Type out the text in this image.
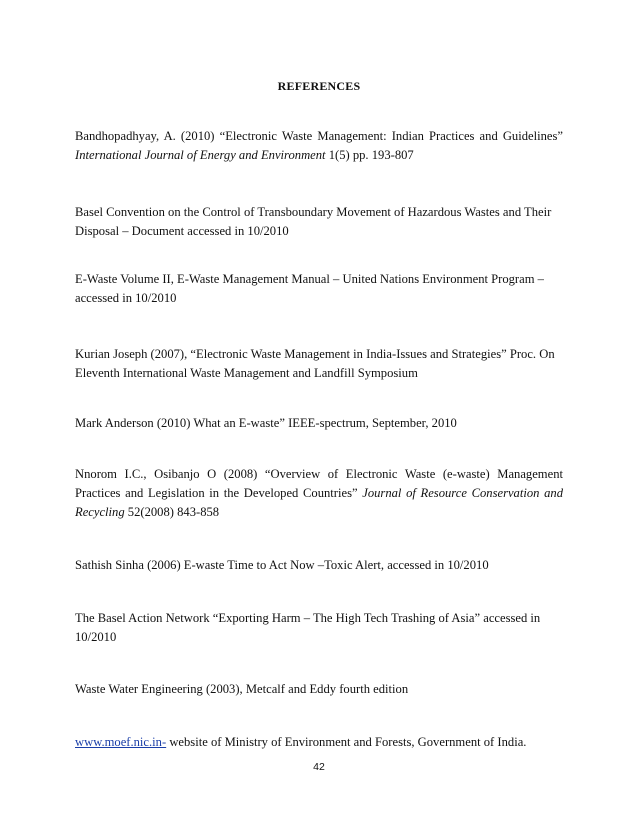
REFERENCES
Bandhopadhyay, A. (2010) “Electronic Waste Management: Indian Practices and Guidelines” International Journal of Energy and Environment 1(5) pp. 193-807
Basel Convention on the Control of Transboundary Movement of Hazardous Wastes and Their Disposal – Document accessed in 10/2010
E-Waste Volume II, E-Waste Management Manual – United Nations Environment Program – accessed in 10/2010
Kurian Joseph (2007), “Electronic Waste Management in India-Issues and Strategies” Proc. On Eleventh International Waste Management and Landfill Symposium
Mark Anderson (2010) What an E-waste” IEEE-spectrum, September, 2010
Nnorom I.C., Osibanjo O (2008) “Overview of Electronic Waste (e-waste) Management Practices and Legislation in the Developed Countries” Journal of Resource Conservation and Recycling 52(2008) 843-858
Sathish Sinha (2006) E-waste Time to Act Now –Toxic Alert, accessed in 10/2010
The Basel Action Network “Exporting Harm – The High Tech Trashing of Asia” accessed in 10/2010
Waste Water Engineering (2003), Metcalf and Eddy fourth edition
www.moef.nic.in- website of Ministry of Environment and Forests, Government of India.
42
